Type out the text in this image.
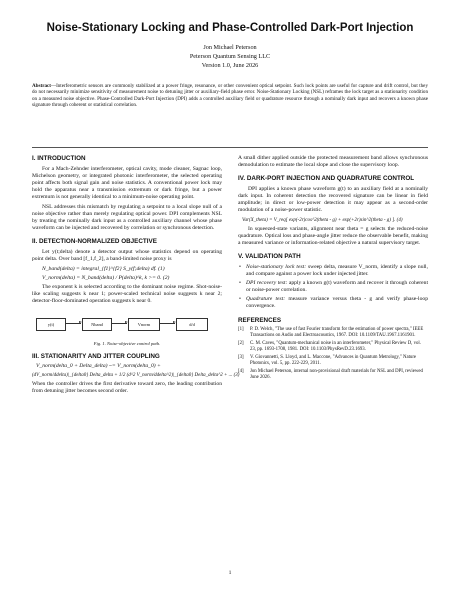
Noise-Stationary Locking and Phase-Controlled Dark-Port Injection
Jon Michael Peterson
Peterson Quantum Sensing LLC
Version 1.0, June 2026
Abstract—Interferometric sensors are commonly stabilized at a power fringe, resonance, or other convenient optical setpoint. Such lock points are useful for capture and drift control, but they do not necessarily minimize sensitivity of measurement noise to detuning jitter or auxiliary-field phase error. Noise-Stationary Locking (NSL) reframes the lock target as a stationarity condition on a measured noise objective. Phase-Controlled Dark-Port Injection (DPI) adds a controlled auxiliary field or quadrature resource through a nominally dark input and recovers a known phase signature through coherent or statistical correlation.
I. INTRODUCTION

For a Mach-Zehnder interferometer, optical cavity, mode cleaner, Sagnac loop, Michelson geometry, or integrated photonic interferometer, the selected operating point affects both signal gain and noise statistics. A conventional power lock may hold the apparatus near a transmission extremum or dark fringe, but a power extremum is not generally identical to a minimum-noise operating point.

NSL addresses this mismatch by regulating a setpoint to a local slope null of a noise objective rather than merely regulating optical power. DPI complements NSL by treating the nominally dark input as a controlled auxiliary channel whose phase waveform can be injected and recovered by correlation or synchronous detection.

II. DETECTION-NORMALIZED OBJECTIVE

Let y(t;delta) denote a detector output whose statistics depend on operating point delta. Over band [f_1,f_2], a band-limited noise proxy is

N_band(delta) = integral_{f1}^{f2} S_y(f;delta) df. (1)
V_norm(delta) = N_band(delta) / P(delta)^k, k >= 0. (2)

The exponent k is selected according to the dominant noise regime. Shot-noise-like scaling suggests k near 1; power-scaled technical noise suggests k near 2; detector-floor-dominated operation suggests k near 0.

y(t)	Nband	Vnorm	d/d
Fig. 1. Noise-objective control path.
III. STATIONARITY AND JITTER COUPLING
V_norm(delta_0 + Delta_delta) ~= V_norm(delta_0) +
(dV_norm/ddelta)|_{delta0} Delta_delta + 1/2 (d^2 V_norm/ddelta^2)|_{delta0} Delta_delta^2 + ... (3)

When the controller drives the first derivative toward zero, the leading contribution from detuning jitter becomes second order.

A small dither applied outside the protected measurement band allows synchronous demodulation to estimate the local slope and close the supervisory loop.

IV. DARK-PORT INJECTION AND QUADRATURE CONTROL

DPI applies a known phase waveform g(t) to an auxiliary field at a nominally dark input. In coherent detection the recovered signature can be linear in field amplitude; in direct or low-power detection it may appear as a second-order modulation of a noise-power statistic.

Var(X_theta) = V_req[ exp(-2r)cos^2(theta - g) + exp(+2r)sin^2(theta - g) ]. (4)

In squeezed-state variants, alignment near theta = g selects the reduced-noise quadrature. Optical loss and phase-angle jitter reduce the observable benefit, making a measured variance or information-related objective a natural supervisory target.

V. VALIDATION PATH
• Noise-stationary lock test: sweep delta, measure V_norm, identify a slope null, and compare against a power lock under injected jitter.
• DPI recovery test: apply a known g(t) waveform and recover it through coherent or noise-power correlation.
• Quadrature test: measure variance versus theta - g and verify phase-loop convergence.
REFERENCES
[1]	P. D. Welch, "The use of fast Fourier transform for the estimation of power spectra," IEEE Transactions on Audio and Electroacoustics, 1967. DOI: 10.1109/TAU.1967.1161901.
[2]	C. M. Caves, "Quantum-mechanical noise in an interferometer," Physical Review D, vol. 23, pp. 1693-1708, 1981. DOI: 10.1103/PhysRevD.23.1693.
[3]	V. Giovannetti, S. Lloyd, and L. Maccone, "Advances in Quantum Metrology," Nature Photonics, vol. 5, pp. 222-229, 2011.
[4]	Jon Michael Peterson, internal non-provisional draft materials for NSL and DPI, reviewed June 2026.
1
